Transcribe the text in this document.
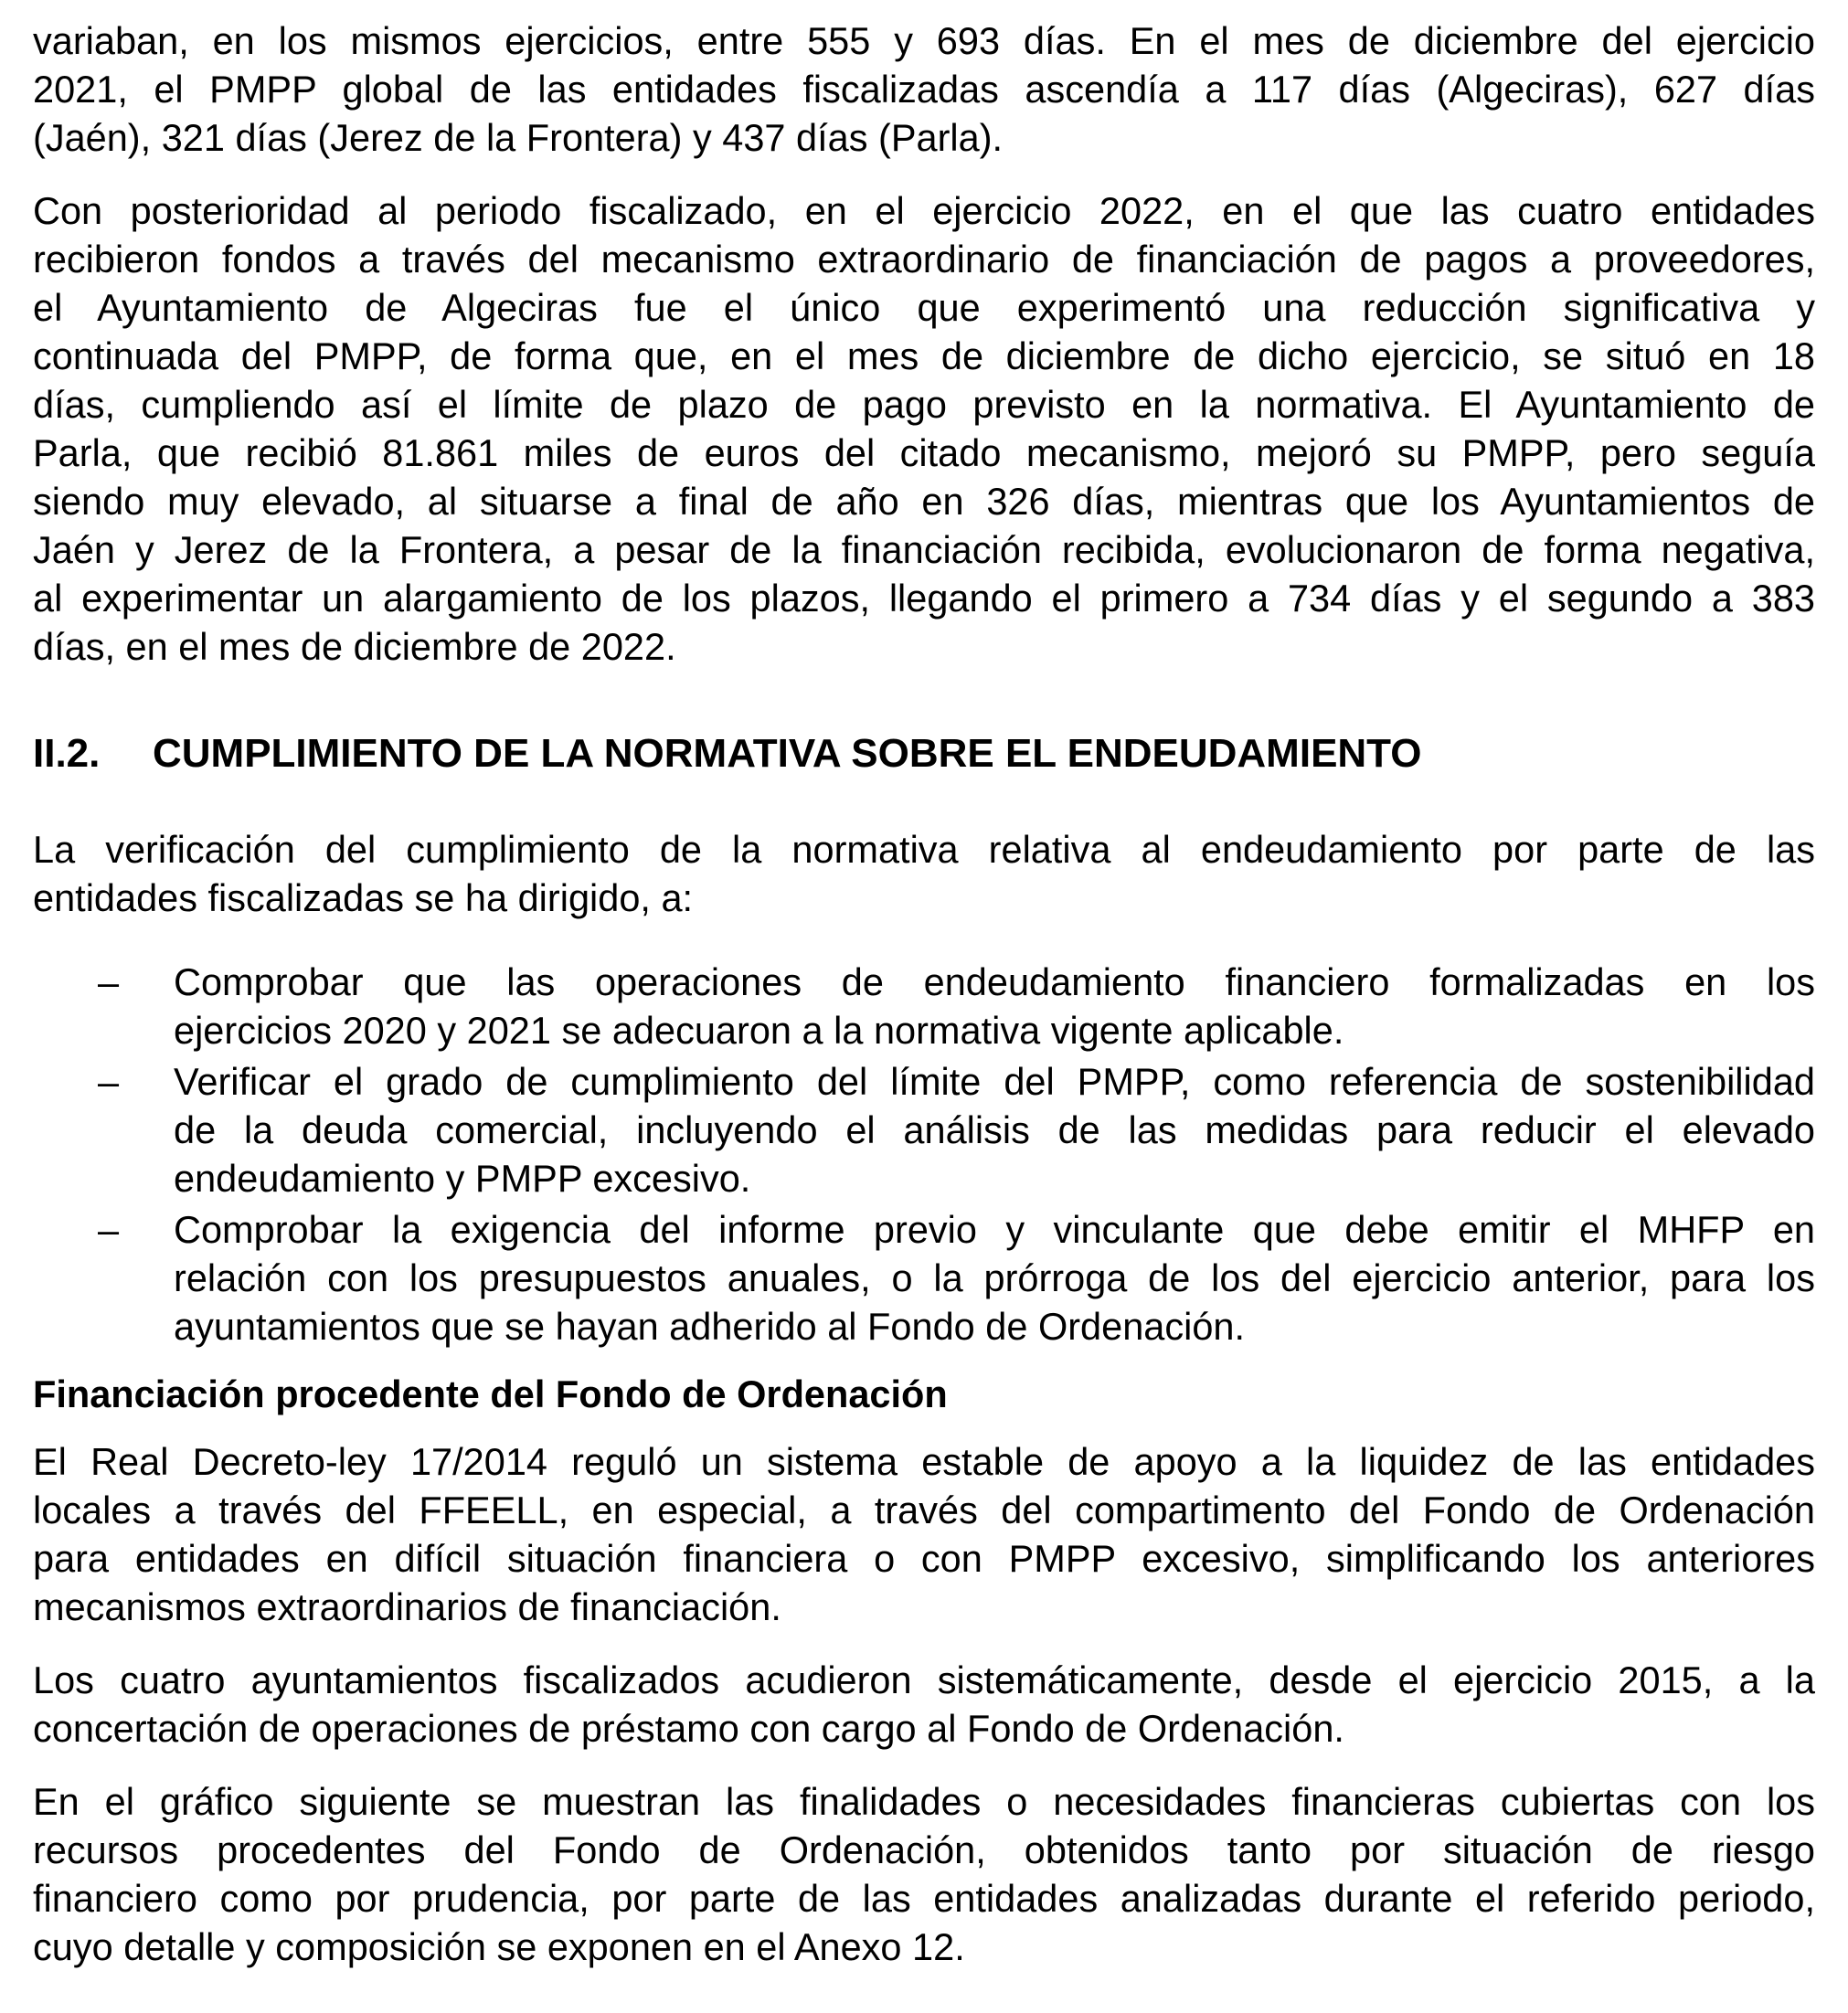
variaban, en los mismos ejercicios, entre 555 y 693 días. En el mes de diciembre del ejercicio
2021, el PMPP global de las entidades fiscalizadas ascendía a 117 días (Algeciras), 627 días
(Jaén), 321 días (Jerez de la Frontera) y 437 días (Parla).

Con posterioridad al periodo fiscalizado, en el ejercicio 2022, en el que las cuatro entidades
recibieron fondos a través del mecanismo extraordinario de financiación de pagos a proveedores,
el Ayuntamiento de Algeciras fue el único que experimentó una reducción significativa y
continuada del PMPP, de forma que, en el mes de diciembre de dicho ejercicio, se situó en 18
días, cumpliendo así el límite de plazo de pago previsto en la normativa. El Ayuntamiento de
Parla, que recibió 81.861 miles de euros del citado mecanismo, mejoró su PMPP, pero seguía
siendo muy elevado, al situarse a final de año en 326 días, mientras que los Ayuntamientos de
Jaén y Jerez de la Frontera, a pesar de la financiación recibida, evolucionaron de forma negativa,
al experimentar un alargamiento de los plazos, llegando el primero a 734 días y el segundo a 383
días, en el mes de diciembre de 2022.

II.2.	CUMPLIMIENTO DE LA NORMATIVA SOBRE EL ENDEUDAMIENTO

La verificación del cumplimiento de la normativa relativa al endeudamiento por parte de las
entidades fiscalizadas se ha dirigido, a:

– Comprobar que las operaciones de endeudamiento financiero formalizadas en los
ejercicios 2020 y 2021 se adecuaron a la normativa vigente aplicable.
– Verificar el grado de cumplimiento del límite del PMPP, como referencia de sostenibilidad
de la deuda comercial, incluyendo el análisis de las medidas para reducir el elevado
endeudamiento y PMPP excesivo.
– Comprobar la exigencia del informe previo y vinculante que debe emitir el MHFP en
relación con los presupuestos anuales, o la prórroga de los del ejercicio anterior, para los
ayuntamientos que se hayan adherido al Fondo de Ordenación.
Financiación procedente del Fondo de Ordenación

El Real Decreto-ley 17/2014 reguló un sistema estable de apoyo a la liquidez de las entidades
locales a través del FFEELL, en especial, a través del compartimento del Fondo de Ordenación
para entidades en difícil situación financiera o con PMPP excesivo, simplificando los anteriores
mecanismos extraordinarios de financiación.

Los cuatro ayuntamientos fiscalizados acudieron sistemáticamente, desde el ejercicio 2015, a la
concertación de operaciones de préstamo con cargo al Fondo de Ordenación.

En el gráfico siguiente se muestran las finalidades o necesidades financieras cubiertas con los
recursos procedentes del Fondo de Ordenación, obtenidos tanto por situación de riesgo
financiero como por prudencia, por parte de las entidades analizadas durante el referido periodo,
cuyo detalle y composición se exponen en el Anexo 12.
